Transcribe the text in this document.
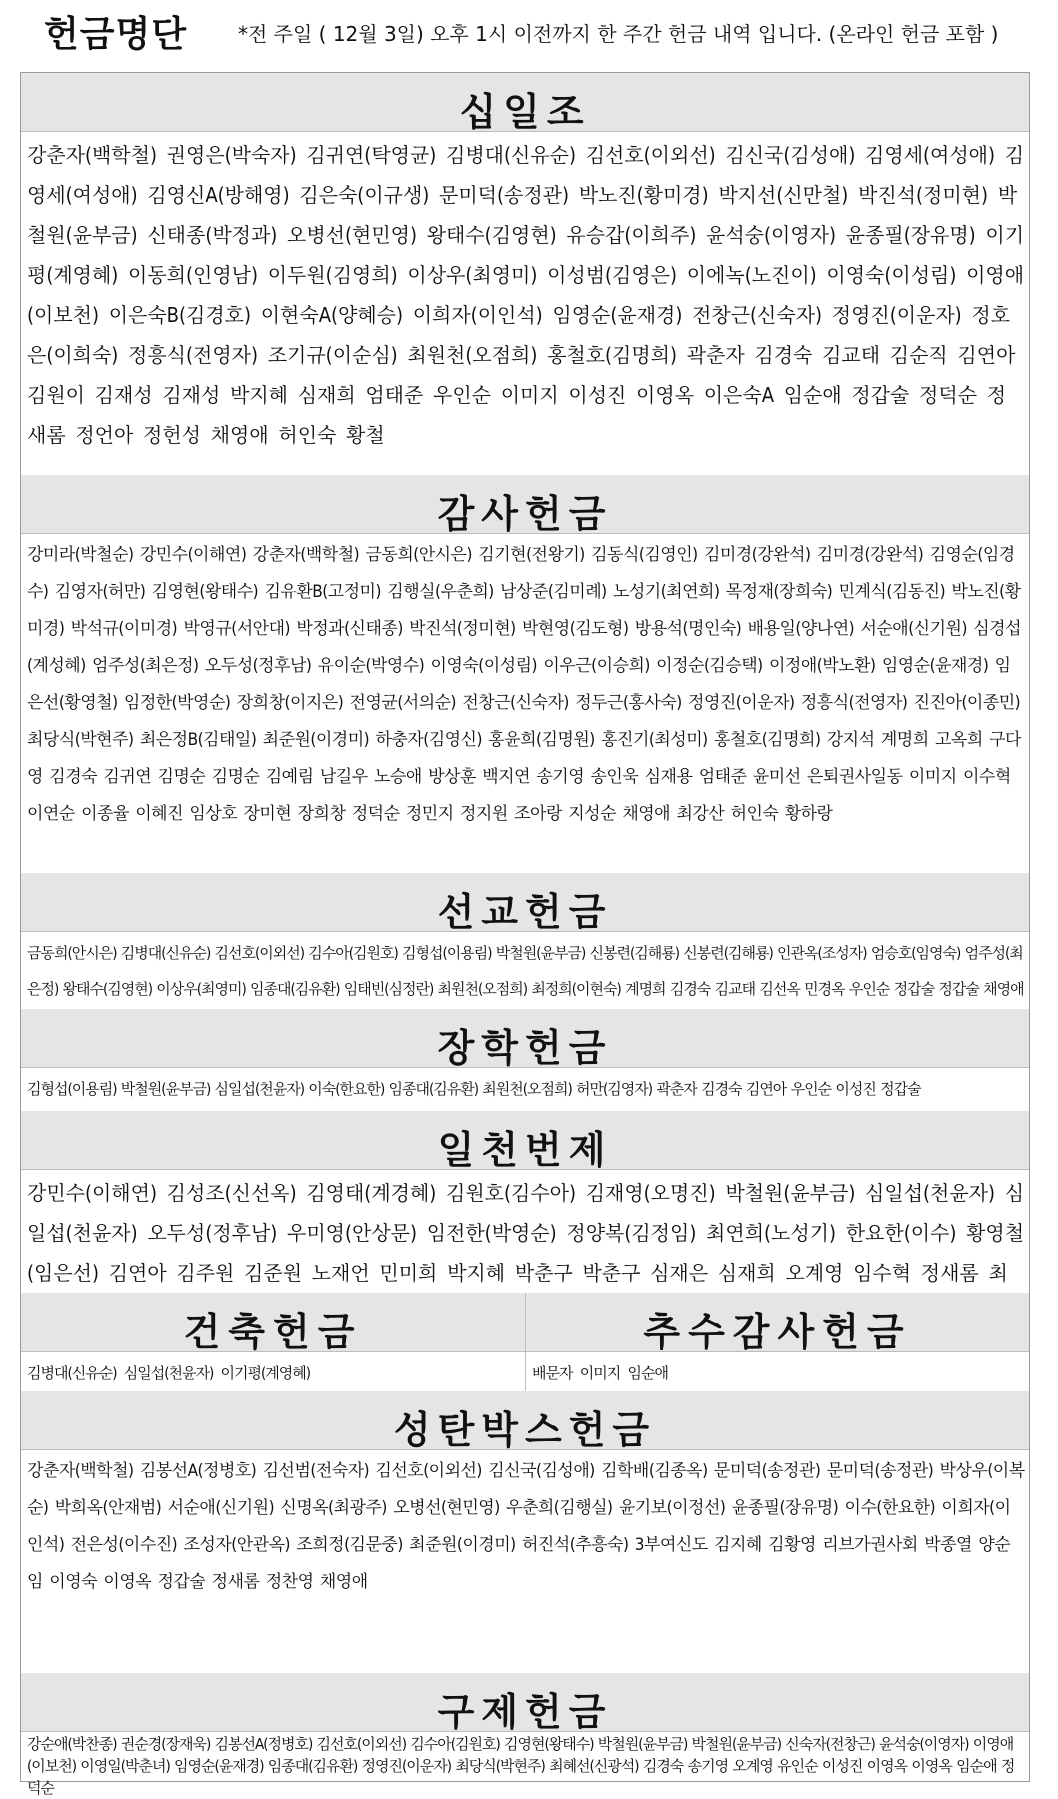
헌금명단	*전 주일 ( 12월 3일) 오후 1시 이전까지 한 주간 헌금 내역 입니다. (온라인 헌금 포함 )
십일조
강춘자(백학철) 권영은(박숙자) 김귀연(탁영균) 김병대(신유순) 김선호(이외선) 김신국(김성애) 김영세(여성애) 김영세(여성애) 김영신A(방해영) 김은숙(이규생) 문미덕(송정관) 박노진(황미경) 박지선(신만철) 박진석(정미현) 박철원(윤부금) 신태종(박정과) 오병선(현민영) 왕태수(김영현) 유승갑(이희주) 윤석숭(이영자) 윤종필(장유명) 이기평(계영혜) 이동희(인영남) 이두원(김영희) 이상우(최영미) 이성범(김영은) 이에녹(노진이) 이영숙(이성림) 이영애(이보천) 이은숙B(김경호) 이현숙A(양혜승) 이희자(이인석) 임영순(윤재경) 전창근(신숙자) 정영진(이운자) 정호은(이희숙) 정흥식(전영자) 조기규(이순심) 최원천(오점희) 홍철호(김명희) 곽춘자 김경숙 김교태 김순직 김연아 김원이 김재성 김재성 박지혜 심재희 엄태준 우인순 이미지 이성진 이영옥 이은숙A 임순애 정갑술 정덕순 정새롬 정언아 정헌성 채영애 허인숙 황철
감사헌금
강미라(박철순) 강민수(이해연) 강춘자(백학철) 금동희(안시은) 김기현(전왕기) 김동식(김영인) 김미경(강완석) 김미경(강완석) 김영순(임경수) 김영자(허만) 김영현(왕태수) 김유환B(고정미) 김행실(우춘희) 남상준(김미례) 노성기(최연희) 목정재(장희숙) 민계식(김동진) 박노진(황미경) 박석규(이미경) 박영규(서안대) 박정과(신태종) 박진석(정미현) 박현영(김도형) 방용석(명인숙) 배용일(양나연) 서순애(신기원) 심경섭(계성혜) 엄주성(최은정) 오두성(정후남) 유이순(박영수) 이영숙(이성림) 이우근(이승희) 이정순(김승택) 이정애(박노환) 임영순(윤재경) 임은선(황영철) 임정한(박영순) 장희창(이지은) 전영균(서의순) 전창근(신숙자) 정두근(홍사숙) 정영진(이운자) 정흥식(전영자) 진진아(이종민) 최당식(박현주) 최은정B(김태일) 최준원(이경미) 하충자(김영신) 홍윤희(김명원) 홍진기(최성미) 홍철호(김명희) 강지석 계명희 고옥희 구다영 김경숙 김귀연 김명순 김명순 김예림 남길우 노승애 방상훈 백지연 송기영 송인욱 심재용 엄태준 윤미선 은퇴권사일동 이미지 이수혁 이연순 이종율 이혜진 임상호 장미현 장희창 정덕순 정민지 정지원 조아랑 지성순 채영애 최강산 허인숙 황하랑
선교헌금
금동희(안시은) 김병대(신유순) 김선호(이외선) 김수아(김원호) 김형섭(이용림) 박철원(윤부금) 신봉련(김해룡) 신봉련(김해룡) 인관옥(조성자) 엄승호(임영숙) 엄주성(최은정) 왕태수(김영현) 이상우(최영미) 임종대(김유환) 임태빈(심정란) 최원천(오점희) 최정희(이현숙) 계명희 김경숙 김교태 김선옥 민경옥 우인순 정갑술 정갑술 채영애
장학헌금
김형섭(이용림) 박철원(윤부금) 심일섭(천윤자) 이숙(한요한) 임종대(김유환) 최원천(오점희) 허만(김영자) 곽춘자 김경숙 김연아 우인순 이성진 정갑술
일천번제
강민수(이해연) 김성조(신선옥) 김영태(계경혜) 김원호(김수아) 김재영(오명진) 박철원(윤부금) 심일섭(천윤자) 심일섭(천윤자) 오두성(정후남) 우미영(안상문) 임전한(박영순) 정양복(김정임) 최연희(노성기) 한요한(이수) 황영철(임은선) 김연아 김주원 김준원 노재언 민미희 박지혜 박춘구 박춘구 심재은 심재희 오계영 임수혁 정새롬 최
건축헌금
김병대(신유순) 심일섭(천윤자) 이기평(계영혜)
추수감사헌금
배문자 이미지 임순애
성탄박스헌금
강춘자(백학철) 김봉선A(정병호) 김선범(전숙자) 김선호(이외선) 김신국(김성애) 김학배(김종옥) 문미덕(송정관) 문미덕(송정관) 박상우(이복순) 박희옥(안재범) 서순애(신기원) 신명옥(최광주) 오병선(현민영) 우춘희(김행실) 윤기보(이정선) 윤종필(장유명) 이수(한요한) 이희자(이인석) 전은성(이수진) 조성자(안관옥) 조희정(김문중) 최준원(이경미) 허진석(추흥숙) 3부여신도 김지혜 김황영 리브가권사회 박종열 양순임 이영숙 이영옥 정갑술 정새롬 정찬영 채영애
구제헌금
강순애(박찬종) 권순경(장재욱) 김봉선A(정병호) 김선호(이외선) 김수아(김원호) 김영현(왕태수) 박철원(윤부금) 박철원(윤부금) 신숙자(전창근) 윤석숭(이영자) 이영애(이보천) 이영일(박춘녀) 임영순(윤재경) 임종대(김유환) 정영진(이운자) 최당식(박현주) 최혜선(신광석) 김경숙 송기영 오계영 유인순 이성진 이영옥 이영옥 임순애 정덕순
